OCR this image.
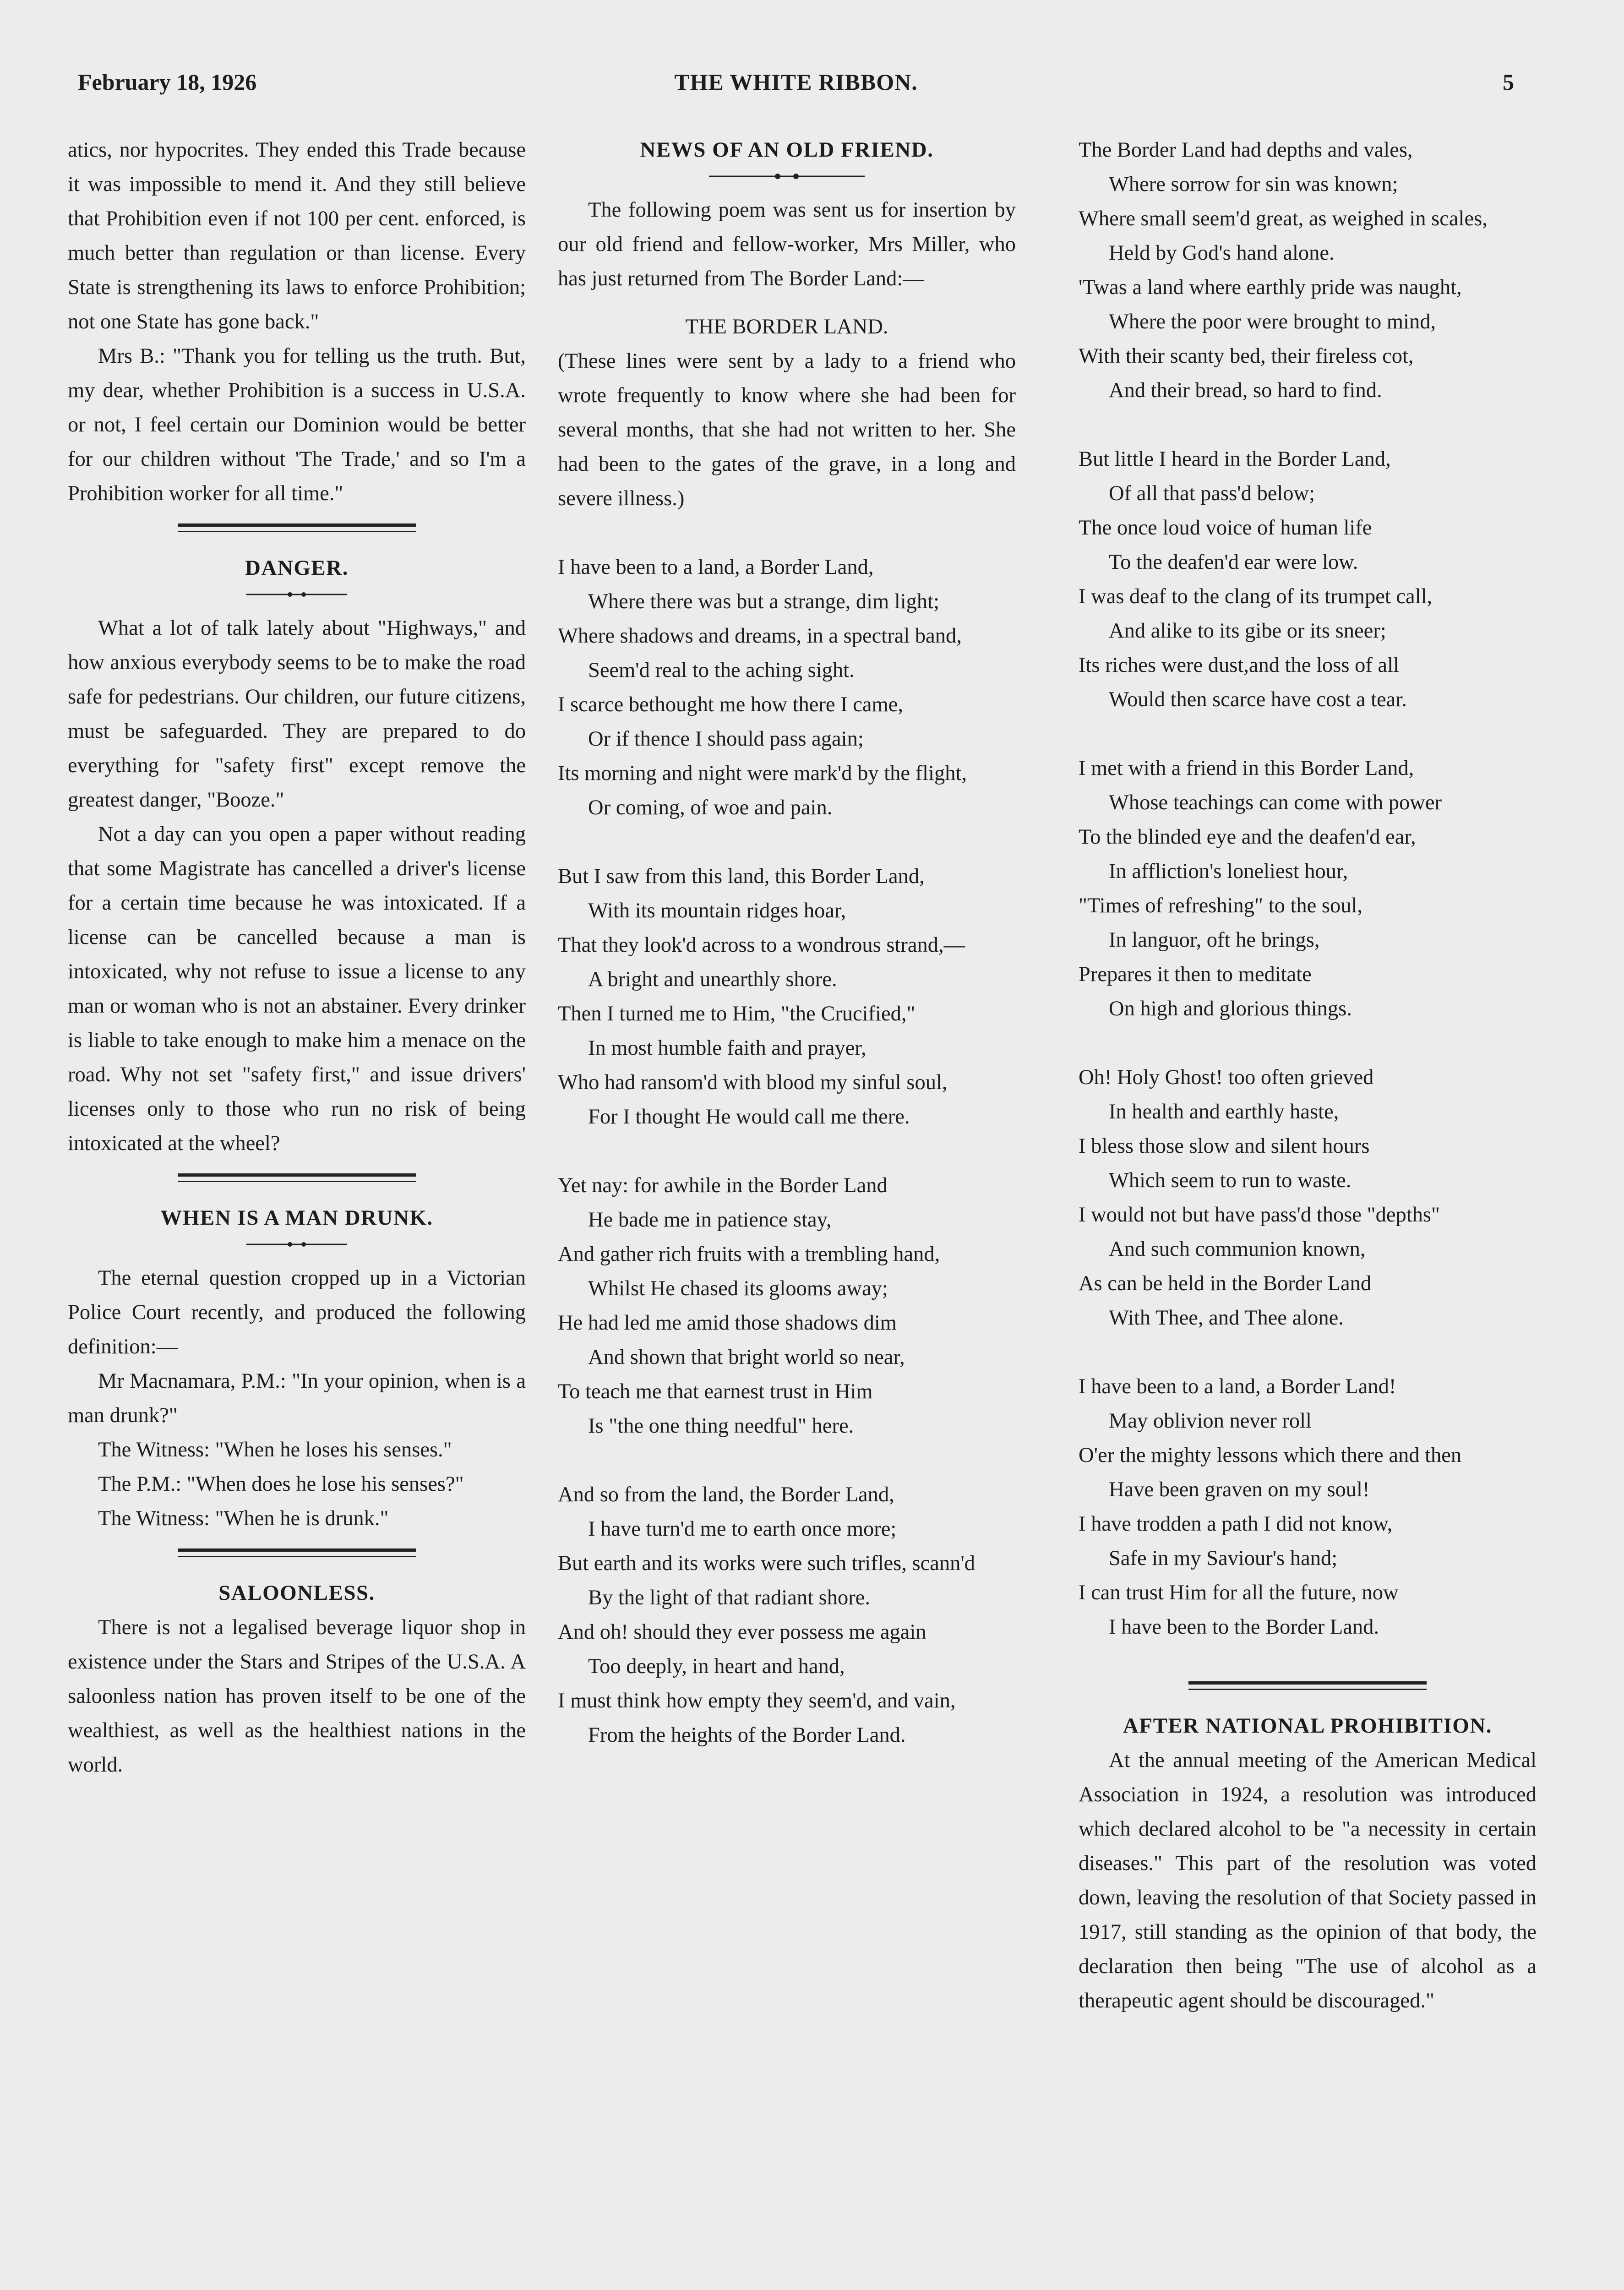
February 18, 1926	THE WHITE RIBBON.	5

atics, nor hypocrites. They ended this Trade because it was impossible to mend it. And they still believe that Prohibition even if not 100 per cent. enforced, is much better than regulation or than license. Every State is strengthening its laws to enforce Prohibition; not one State has gone back."

Mrs B.: "Thank you for telling us the truth. But, my dear, whether Prohibition is a success in U.S.A. or not, I feel certain our Dominion would be better for our children without 'The Trade,' and so I'm a Prohibition worker for all time."

DANGER.

What a lot of talk lately about "Highways," and how anxious everybody seems to be to make the road safe for pedestrians. Our children, our future citizens, must be safeguarded. They are prepared to do everything for "safety first" except remove the greatest danger, "Booze."

Not a day can you open a paper without reading that some Magistrate has cancelled a driver's license for a certain time because he was intoxicated. If a license can be cancelled because a man is intoxicated, why not refuse to issue a license to any man or woman who is not an abstainer. Every drinker is liable to take enough to make him a menace on the road. Why not set "safety first," and issue drivers' licenses only to those who run no risk of being intoxicated at the wheel?

WHEN IS A MAN DRUNK.

The eternal question cropped up in a Victorian Police Court recently, and produced the following definition:—

Mr Macnamara, P.M.: "In your opinion, when is a man drunk?"

The Witness: "When he loses his senses."

The P.M.: "When does he lose his senses?"

The Witness: "When he is drunk."

SALOONLESS.

There is not a legalised beverage liquor shop in existence under the Stars and Stripes of the U.S.A. A saloonless nation has proven itself to be one of the wealthiest, as well as the healthiest nations in the world.

NEWS OF AN OLD FRIEND.

The following poem was sent us for insertion by our old friend and fellow-worker, Mrs Miller, who has just returned from The Border Land:—

THE BORDER LAND.

(These lines were sent by a lady to a friend who wrote frequently to know where she had been for several months, that she had not written to her. She had been to the gates of the grave, in a long and severe illness.)

I have been to a land, a Border Land,

Where there was but a strange, dim light;

Where shadows and dreams, in a spectral band,

Seem'd real to the aching sight.

I scarce bethought me how there I came,

Or if thence I should pass again;

Its morning and night were mark'd by the flight,

Or coming, of woe and pain.

But I saw from this land, this Border Land,

With its mountain ridges hoar,

That they look'd across to a wondrous strand,—

A bright and unearthly shore.

Then I turned me to Him, "the Crucified,"

In most humble faith and prayer,

Who had ransom'd with blood my sinful soul,

For I thought He would call me there.

Yet nay: for awhile in the Border Land

He bade me in patience stay,

And gather rich fruits with a trembling hand,

Whilst He chased its glooms away;

He had led me amid those shadows dim

And shown that bright world so near,

To teach me that earnest trust in Him

Is "the one thing needful" here.

And so from the land, the Border Land,

I have turn'd me to earth once more;

But earth and its works were such trifles, scann'd

By the light of that radiant shore.

And oh! should they ever possess me again

Too deeply, in heart and hand,

I must think how empty they seem'd, and vain,

From the heights of the Border Land.

The Border Land had depths and vales,

Where sorrow for sin was known;

Where small seem'd great, as weighed in scales,

Held by God's hand alone.

'Twas a land where earthly pride was naught,

Where the poor were brought to mind,

With their scanty bed, their fireless cot,

And their bread, so hard to find.

But little I heard in the Border Land,

Of all that pass'd below;

The once loud voice of human life

To the deafen'd ear were low.

I was deaf to the clang of its trumpet call,

And alike to its gibe or its sneer;

Its riches were dust,and the loss of all

Would then scarce have cost a tear.

I met with a friend in this Border Land,

Whose teachings can come with power

To the blinded eye and the deafen'd ear,

In affliction's loneliest hour,

"Times of refreshing" to the soul,

In languor, oft he brings,

Prepares it then to meditate

On high and glorious things.

Oh! Holy Ghost! too often grieved

In health and earthly haste,

I bless those slow and silent hours

Which seem to run to waste.

I would not but have pass'd those "depths"

And such communion known,

As can be held in the Border Land

With Thee, and Thee alone.

I have been to a land, a Border Land!

May oblivion never roll

O'er the mighty lessons which there and then

Have been graven on my soul!

I have trodden a path I did not know,

Safe in my Saviour's hand;

I can trust Him for all the future, now

I have been to the Border Land.

AFTER NATIONAL PROHIBITION.

At the annual meeting of the American Medical Association in 1924, a resolution was introduced which declared alcohol to be "a necessity in certain diseases." This part of the resolution was voted down, leaving the resolution of that Society passed in 1917, still standing as the opinion of that body, the declaration then being "The use of alcohol as a therapeutic agent should be discouraged."
